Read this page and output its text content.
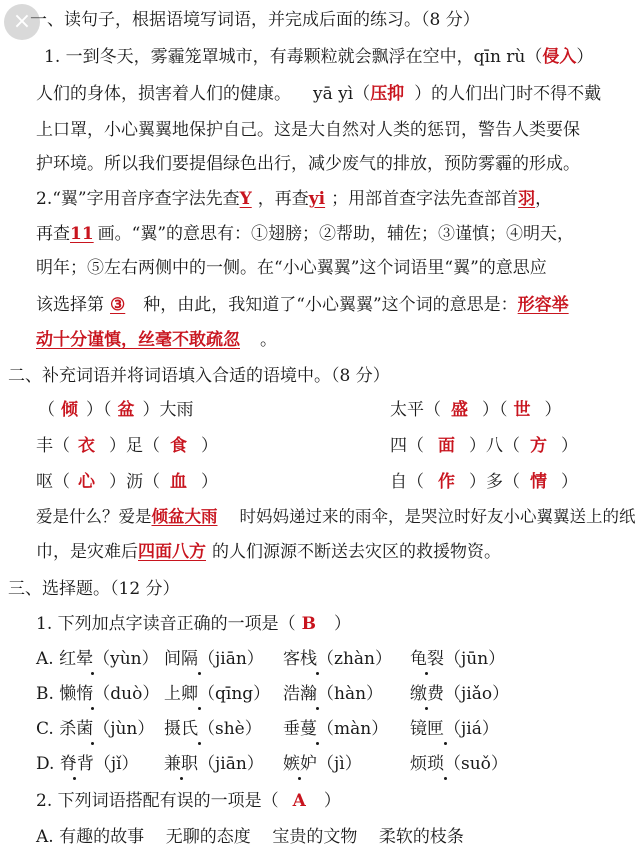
×
一、读句子，根据语境写词语，并完成后面的练习。（8 分）
1. 一到冬天，雾霾笼罩城市，有毒颗粒就会飘浮在空中，qīn rù（侵入）
人们的身体，损害着人们的健康。 yā yì（压抑 ）的人们出门时不得不戴
上口罩，小心翼翼地保护自己。这是大自然对人类的惩罚，警告人类要保
护环境。所以我们要提倡绿色出行，减少废气的排放，预防雾霾的形成。
2.“翼”字用音序查字法先查Y ，再查yi ；用部首查字法先查部首羽，
再查11 画。“翼”的意思有：①翅膀；②帮助，辅佐；③谨慎；④明天，
明年；⑤左右两侧中的一侧。在“小心翼翼”这个词语里“翼”的意思应
该选择第 ③ 种，由此，我知道了“小心翼翼”这个词的意思是：形容举
动十分谨慎，丝毫不敢疏忽 。
二、补充词语并将词语填入合适的语境中。（8 分）
（ 倾 ）（ 盆 ）大雨	太平（ 盛 ）（ 世 ）
丰（ 衣 ）足（ 食 ）	四（ 面 ）八（ 方 ）
呕（ 心 ）沥（ 血 ）	自（ 作 ）多（ 情 ）
爱是什么？爱是倾盆大雨 时妈妈递过来的雨伞，是哭泣时好友小心翼翼送上的纸
巾，是灾难后四面八方 的人们源源不断送去灾区的救援物资。
三、选择题。（12 分）
1. 下列加点字读音正确的一项是（ B ）
A. 红晕（yùn） 间隔（jiān） 客栈（zhàn） 龟裂（jūn）
B. 懒惰（duò） 上卿（qīng） 浩瀚（hàn） 缴费（jiǎo）
C. 杀菌（jùn） 摄氏（shè） 垂蔓（màn） 镜匣（jiá）
D. 脊背（jǐ） 兼职（jiān） 嫉妒（jì）	烦琐（suǒ）
2. 下列词语搭配有误的一项是（ A ）
A. 有趣的故事    无聊的态度    宝贵的文物    柔软的枝条
